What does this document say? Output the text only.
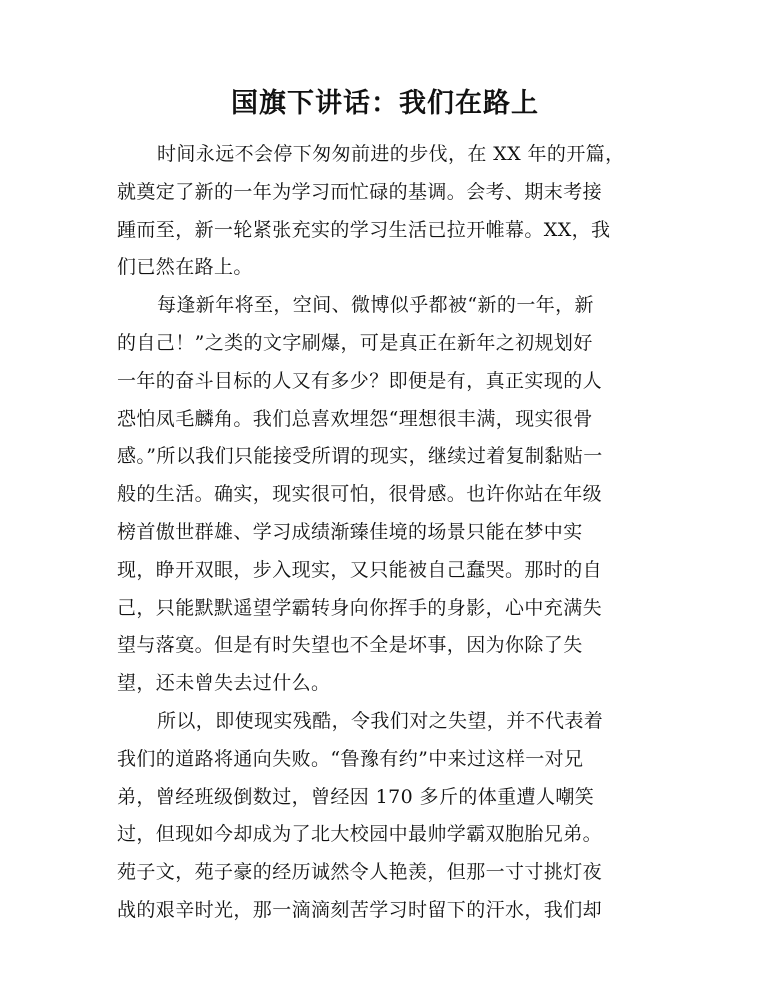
国旗下讲话：我们在路上
时间永远不会停下匆匆前进的步伐，在 XX 年的开篇，
就奠定了新的一年为学习而忙碌的基调。会考、期末考接
踵而至，新一轮紧张充实的学习生活已拉开帷幕。XX，我
们已然在路上。
每逢新年将至，空间、微博似乎都被“新的一年，新
的自己！”之类的文字刷爆，可是真正在新年之初规划好
一年的奋斗目标的人又有多少？即便是有，真正实现的人
恐怕凤毛麟角。我们总喜欢埋怨“理想很丰满，现实很骨
感。”所以我们只能接受所谓的现实，继续过着复制黏贴一
般的生活。确实，现实很可怕，很骨感。也许你站在年级
榜首傲世群雄、学习成绩渐臻佳境的场景只能在梦中实
现，睁开双眼，步入现实，又只能被自己蠢哭。那时的自
己，只能默默遥望学霸转身向你挥手的身影，心中充满失
望与落寞。但是有时失望也不全是坏事，因为你除了失
望，还未曾失去过什么。
所以，即使现实残酷，令我们对之失望，并不代表着
我们的道路将通向失败。“鲁豫有约”中来过这样一对兄
弟，曾经班级倒数过，曾经因 170 多斤的体重遭人嘲笑
过，但现如今却成为了北大校园中最帅学霸双胞胎兄弟。
苑子文，苑子豪的经历诚然令人艳羡，但那一寸寸挑灯夜
战的艰辛时光，那一滴滴刻苦学习时留下的汗水，我们却
